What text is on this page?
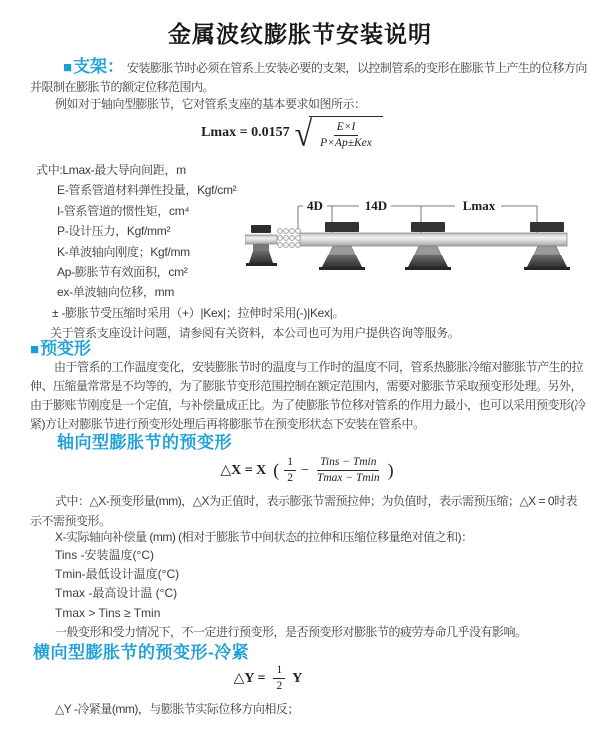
金属波纹膨胀节安装说明
■支架： 安装膨胀节时必须在管系上安装必要的支架，以控制管系的变形在膨胀节上产生的位移方向并限制在膨胀节的额定位移范围内。
例如对于轴向型膨胀节，它对管系支座的基本要求如图所示：
Lmax = 0.0157 √ $\frac{E\times I}{\text{P×Ap±Kex}}$
式中:Lmax-最大导向间距，m
E-管系管道材料弹性投量，Kgf/cm²
I-管系管道的惯性矩，cm⁴
P-设计压力，Kgf/mm²
K-单波轴向刚度；Kgf/mm
Ap-膨胀节有效面积，cm²
ex-单波轴向位移，mm
± -膨胀节受压缩时采用（+）|Kex|；拉伸时采用(-)|Kex|。
关于管系支座设计问题，请参阅有关资料，本公司也可为用户提供咨询等服务。
4D	14D	Lmax
■预变形
由于管系的工作温度变化，安装膨胀节时的温度与工作时的温度不同，管系热膨胀冷缩对膨胀节产生的拉伸、压缩量常常是不均等的，为了膨胀节变形范围控制在额定范围内，需要对膨胀节采取预变形处理。另外，由于膨账节刚度是一个定值，与补偿量成正比。为了使膨胀节位移对管系的作用力最小，也可以采用预变形(冷紧)方让对膨胀节进行预变形处理后再将膨胀节在预变形状态下安装在管系中。
轴向型膨胀节的预变形
△X = X ( $\frac{1}{2} - \frac{\text{Tins − Tmin}}{Tmax - Tmin}$ )
式中：△X-预变形量(mm)，△X为正值时，表示膨张节需预拉伸；为负值时，表示需预压缩；△X = 0时表示不需预变形。
X-实际轴向补偿量 (mm) (相对于膨胀节中间状态的拉伸和压缩位移量绝对值之和)：
Tins -安装温度(°C)
Tmin-最低设计温度(°C)
Tmax -最高设计温 (°C)
Tmax > Tins ≥ Tmin
一般变形和受力情况下，不一定进行预变形，是否预变形对膨胀节的疲劳寿命几乎没有影响。
横向型膨胀节的预变形-冷紧
△Y = $\frac{1}{2}$ Y
△Y -冷紧量(mm)，与膨胀节实际位移方向相反；
